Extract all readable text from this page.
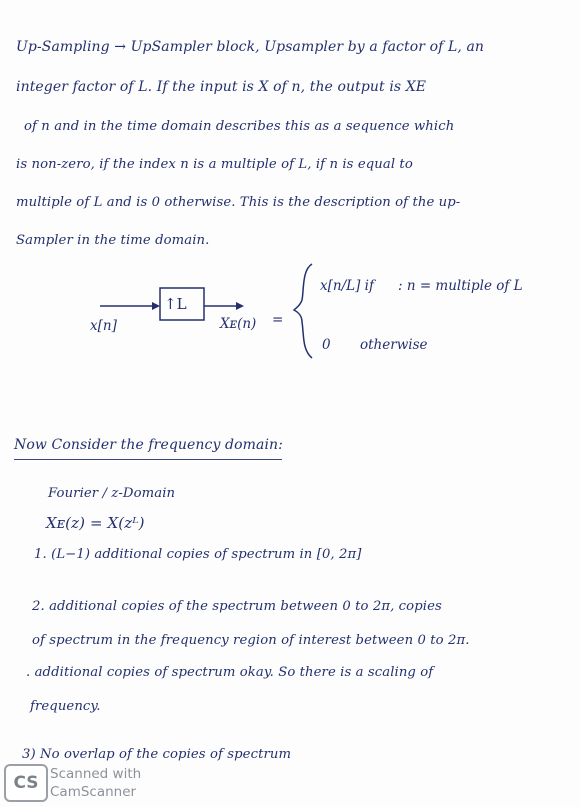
Up-Sampling → UpSampler block, Upsampler by a factor of L, an
integer factor of L. If the input is X of n, the output is XE
of n and in the time domain describes this as a sequence which
is non-zero, if the index n is a multiple of L, if n is equal to
multiple of L and is 0 otherwise. This is the description of the up-
Sampler in the time domain.
↑L
x[n]	Xᴇ(n) =
x[n/L] if : n = multiple of L
0 otherwise
Now Consider the frequency domain:
Fourier / z-Domain
Xᴇ(z) = X(zᴸ)
1. (L−1) additional copies of spectrum in [0, 2π]
2. additional copies of the spectrum between 0 to 2π, copies
of spectrum in the frequency region of interest between 0 to 2π.
. additional copies of spectrum okay. So there is a scaling of
frequency.
3) No overlap of the copies of spectrum
CS Scanned with
CamScanner
